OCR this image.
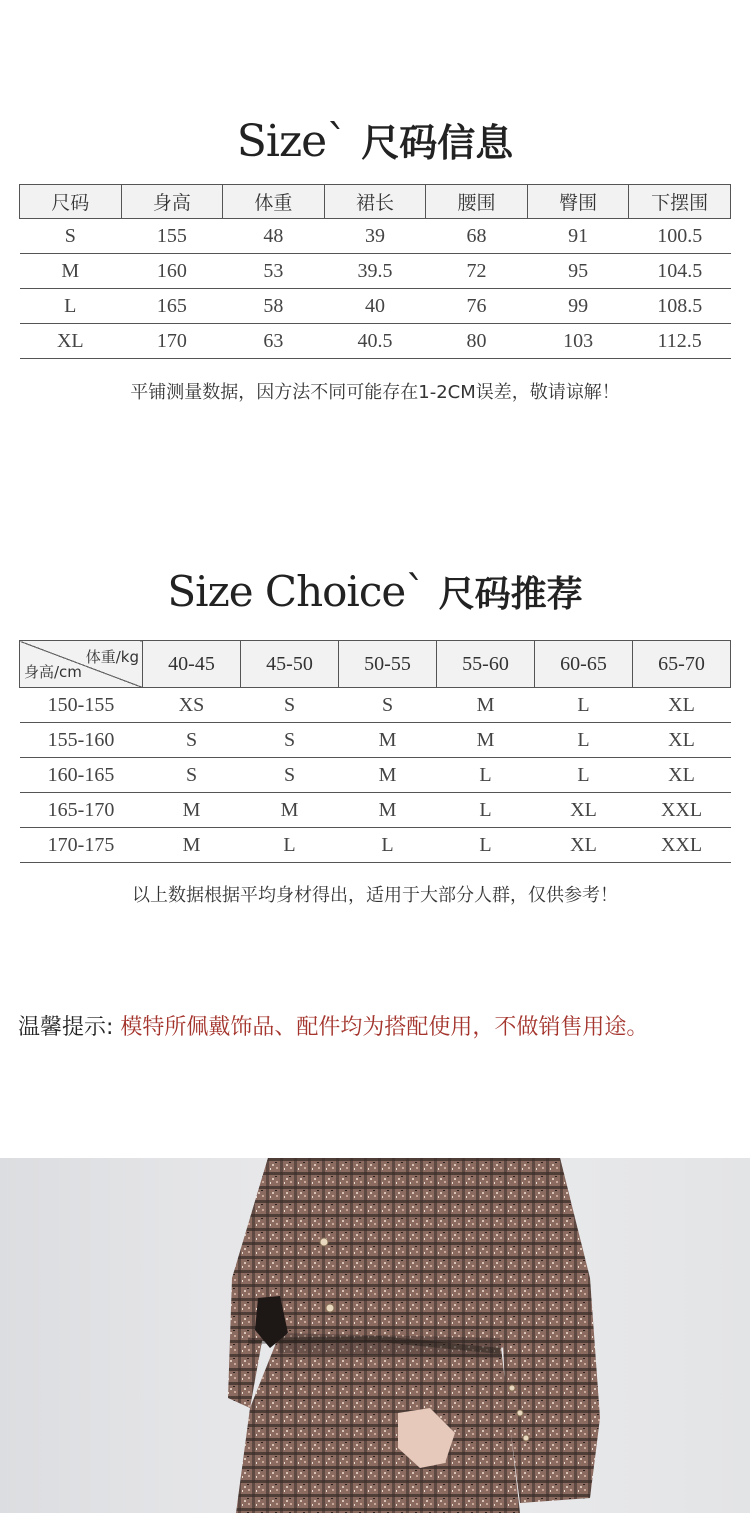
Size` 尺码信息
尺码	身高	体重	裙长	腰围	臀围	下摆围
S	155	48	39	68	91	100.5
M	160	53	39.5	72	95	104.5
L	165	58	40	76	99	108.5
XL	170	63	40.5	80	103	112.5
平铺测量数据，因方法不同可能存在1-2CM误差，敬请谅解！
Size Choice` 尺码推荐
体重/kg
身高/cm	40-45	45-50	50-55	55-60	60-65	65-70
150-155	XS	S	S	M	L	XL
155-160	S	S	M	M	L	XL
160-165	S	S	M	L	L	XL
165-170	M	M	M	L	XL	XXL
170-175	M	L	L	L	XL	XXL
以上数据根据平均身材得出，适用于大部分人群，仅供参考！
温馨提示: 模特所佩戴饰品、配件均为搭配使用，不做销售用途。
